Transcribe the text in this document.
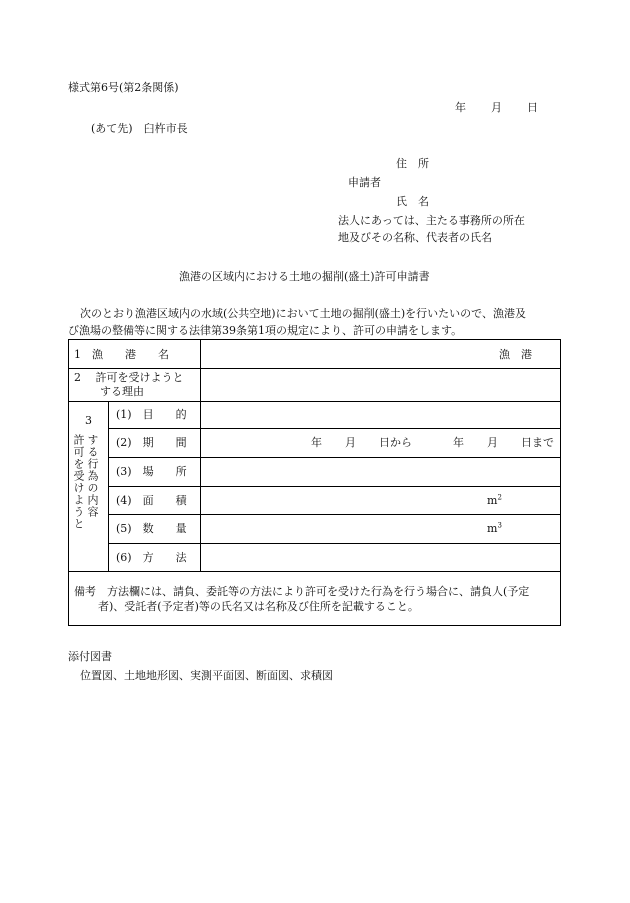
様式第6号(第2条関係)
年 月 日
(あて先)　臼杵市長
住　所
申請者
氏　名
法人にあっては、主たる事務所の所在
地及びその名称、代表者の氏名
漁港の区域内における土地の掘削(盛土)許可申請書
次のとおり漁港区域内の水域(公共空地)において土地の掘削(盛土)を行いたいので、漁港及
び漁場の整備等に関する法律第39条第1項の規定により、許可の申請をします。
1　漁　　港　　名	漁　港
2　 許可を受けようと
する理由
3
許可を受けようと する行為の内容
(1)　目　　的
(2)　期　　間
(3)　場　　所
(4)　面　　積
(5)　数　　量
(6)　方　　法
年 月 日から	年 月 日まで
$m^2$
$m^3$
備考　方法欄には、請負、委託等の方法により許可を受けた行為を行う場合に、請負人(予定
者)、受託者(予定者)等の氏名又は名称及び住所を記載すること。
添付図書
位置図、土地地形図、実測平面図、断面図、求積図
